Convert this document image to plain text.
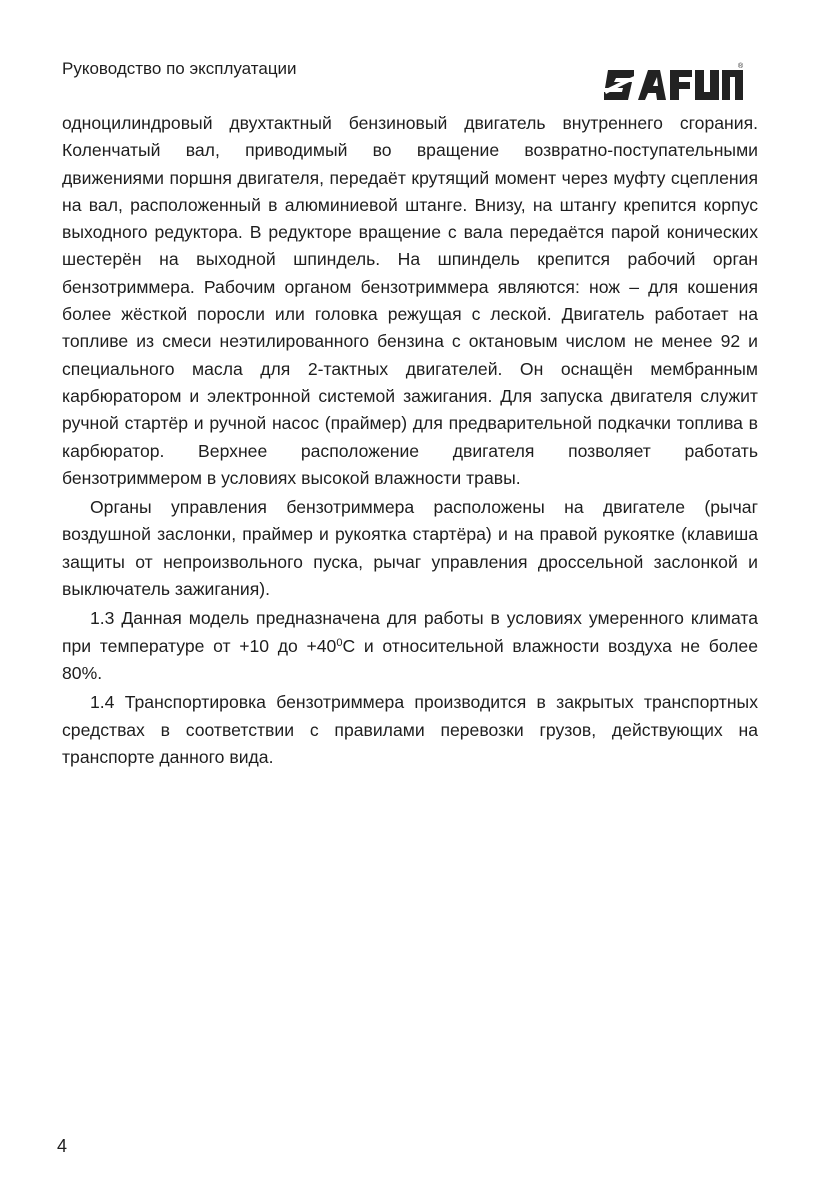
Руководство по эксплуатации	®

одноцилиндровый двухтактный бензиновый двигатель внутреннего сгорания. Коленчатый вал, приводимый во вращение возвратно-поступательными движениями поршня двигателя, передаёт крутящий момент через муфту сцепления на вал, расположенный в алюминиевой штанге. Внизу, на штангу крепится корпус выходного редуктора. В редукторе вращение с вала передаётся парой конических шестерён на выходной шпиндель. На шпиндель крепится рабочий орган бензотриммера. Рабочим органом бензотриммера являются: нож – для кошения более жёсткой поросли или головка режущая с леской. Двигатель работает на топливе из смеси неэтилированного бензина с октановым числом не менее 92 и специального масла для 2-тактных двигателей. Он оснащён мембранным карбюратором и электронной системой зажигания. Для запуска двигателя служит ручной стартёр и ручной насос (праймер) для предварительной подкачки топлива в карбюратор. Верхнее расположение двигателя позволяет работать бензотриммером в условиях высокой влажности травы.

Органы управления бензотриммера расположены на двигателе (рычаг воздушной заслонки, праймер и рукоятка стартёра) и на правой рукоятке (клавиша защиты от непроизвольного пуска, рычаг управления дроссельной заслонкой и выключатель зажигания).

1.3 Данная модель предназначена для работы в условиях умеренного климата при температуре от +10 до $+40^0С$ и относительной влажности воздуха не более 80%.

1.4 Транспортировка бензотриммера производится в закрытых транспортных средствах в соответствии с правилами перевозки грузов, действующих на транспорте данного вида.

4
